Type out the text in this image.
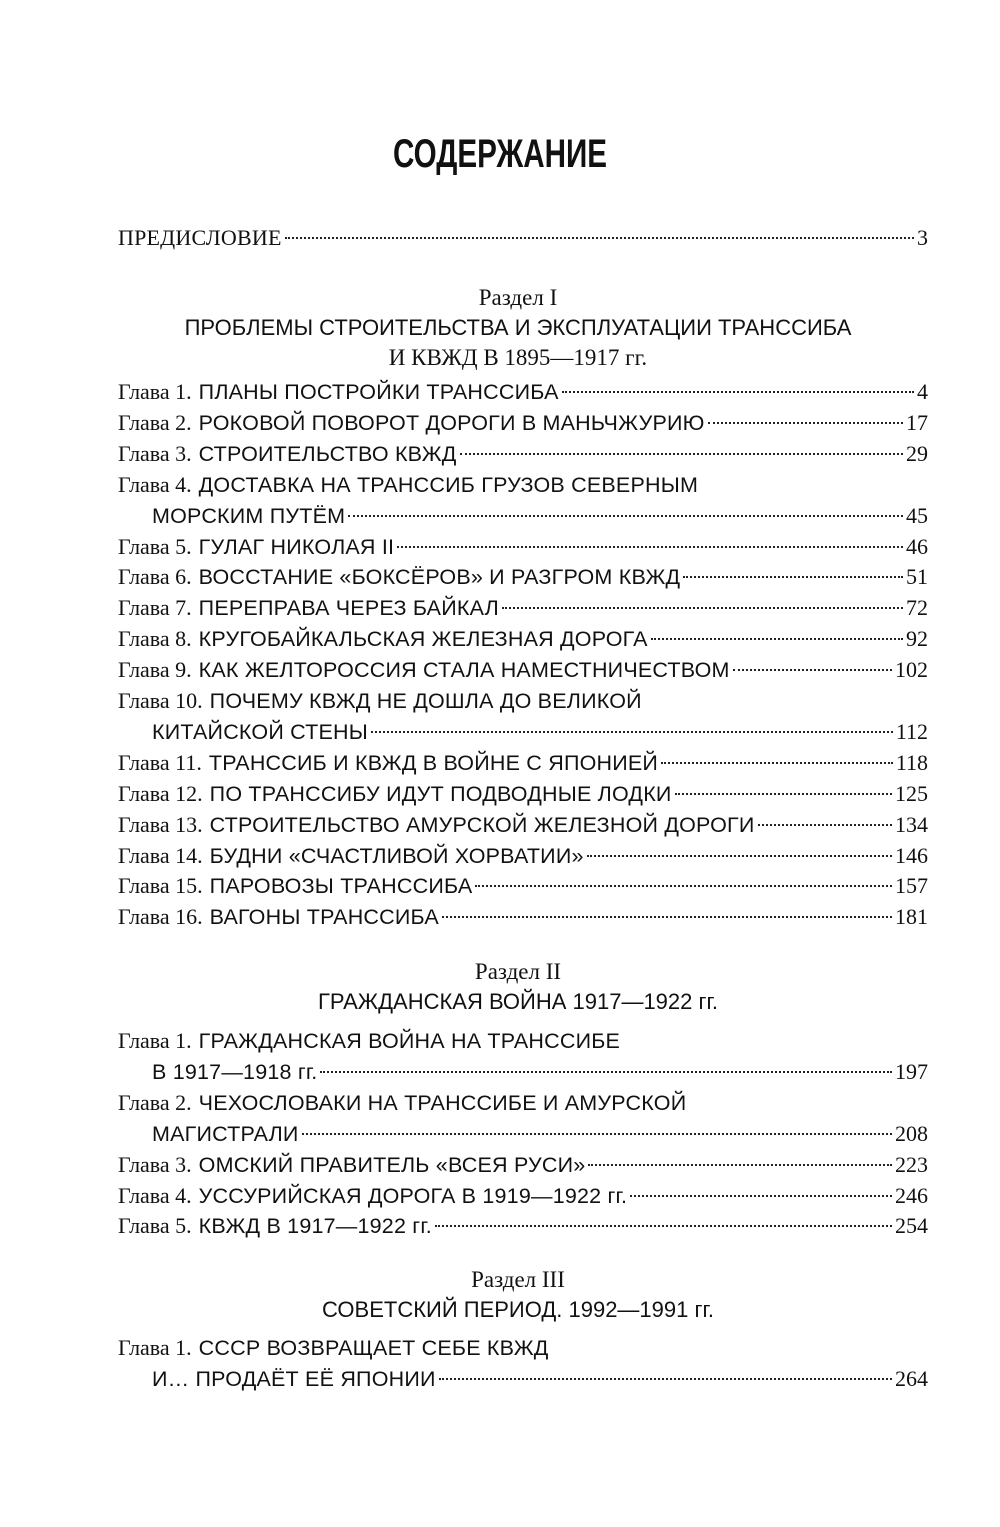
СОДЕРЖАНИЕ
ПРЕДИСЛОВИЕ	3
Раздел I
ПРОБЛЕМЫ СТРОИТЕЛЬСТВА И ЭКСПЛУАТАЦИИ ТРАНССИБА
И КВЖД В 1895—1917 гг.
Глава 1. ПЛАНЫ ПОСТРОЙКИ ТРАНССИБА	4
Глава 2. РОКОВОЙ ПОВОРОТ ДОРОГИ В МАНЬЧЖУРИЮ	17
Глава 3. СТРОИТЕЛЬСТВО КВЖД	29
Глава 4. ДОСТАВКА НА ТРАНССИБ ГРУЗОВ СЕВЕРНЫМ
МОРСКИМ ПУТЁМ	45
Глава 5. ГУЛАГ НИКОЛАЯ II	46
Глава 6. ВОССТАНИЕ «БОКСЁРОВ» И РАЗГРОМ КВЖД	51
Глава 7. ПЕРЕПРАВА ЧЕРЕЗ БАЙКАЛ	72
Глава 8. КРУГОБАЙКАЛЬСКАЯ ЖЕЛЕЗНАЯ ДОРОГА	92
Глава 9. КАК ЖЕЛТОРОССИЯ СТАЛА НАМЕСТНИЧЕСТВОМ	102
Глава 10. ПОЧЕМУ КВЖД НЕ ДОШЛА ДО ВЕЛИКОЙ
КИТАЙСКОЙ СТЕНЫ	112
Глава 11. ТРАНССИБ И КВЖД В ВОЙНЕ С ЯПОНИЕЙ	118
Глава 12. ПО ТРАНССИБУ ИДУТ ПОДВОДНЫЕ ЛОДКИ	125
Глава 13. СТРОИТЕЛЬСТВО АМУРСКОЙ ЖЕЛЕЗНОЙ ДОРОГИ	134
Глава 14. БУДНИ «СЧАСТЛИВОЙ ХОРВАТИИ»	146
Глава 15. ПАРОВОЗЫ ТРАНССИБА	157
Глава 16. ВАГОНЫ ТРАНССИБА	181
Раздел II
ГРАЖДАНСКАЯ ВОЙНА 1917—1922 гг.
Глава 1. ГРАЖДАНСКАЯ ВОЙНА НА ТРАНССИБЕ
В 1917—1918 гг.	197
Глава 2. ЧЕХОСЛОВАКИ НА ТРАНССИБЕ И АМУРСКОЙ
МАГИСТРАЛИ	208
Глава 3. ОМСКИЙ ПРАВИТЕЛЬ «ВСЕЯ РУСИ»	223
Глава 4. УССУРИЙСКАЯ ДОРОГА В 1919—1922 гг.	246
Глава 5. КВЖД В 1917—1922 гг.	254
Раздел III
СОВЕТСКИЙ ПЕРИОД. 1992—1991 гг.
Глава 1. СССР ВОЗВРАЩАЕТ СЕБЕ КВЖД
И… ПРОДАЁТ ЕЁ ЯПОНИИ	264
